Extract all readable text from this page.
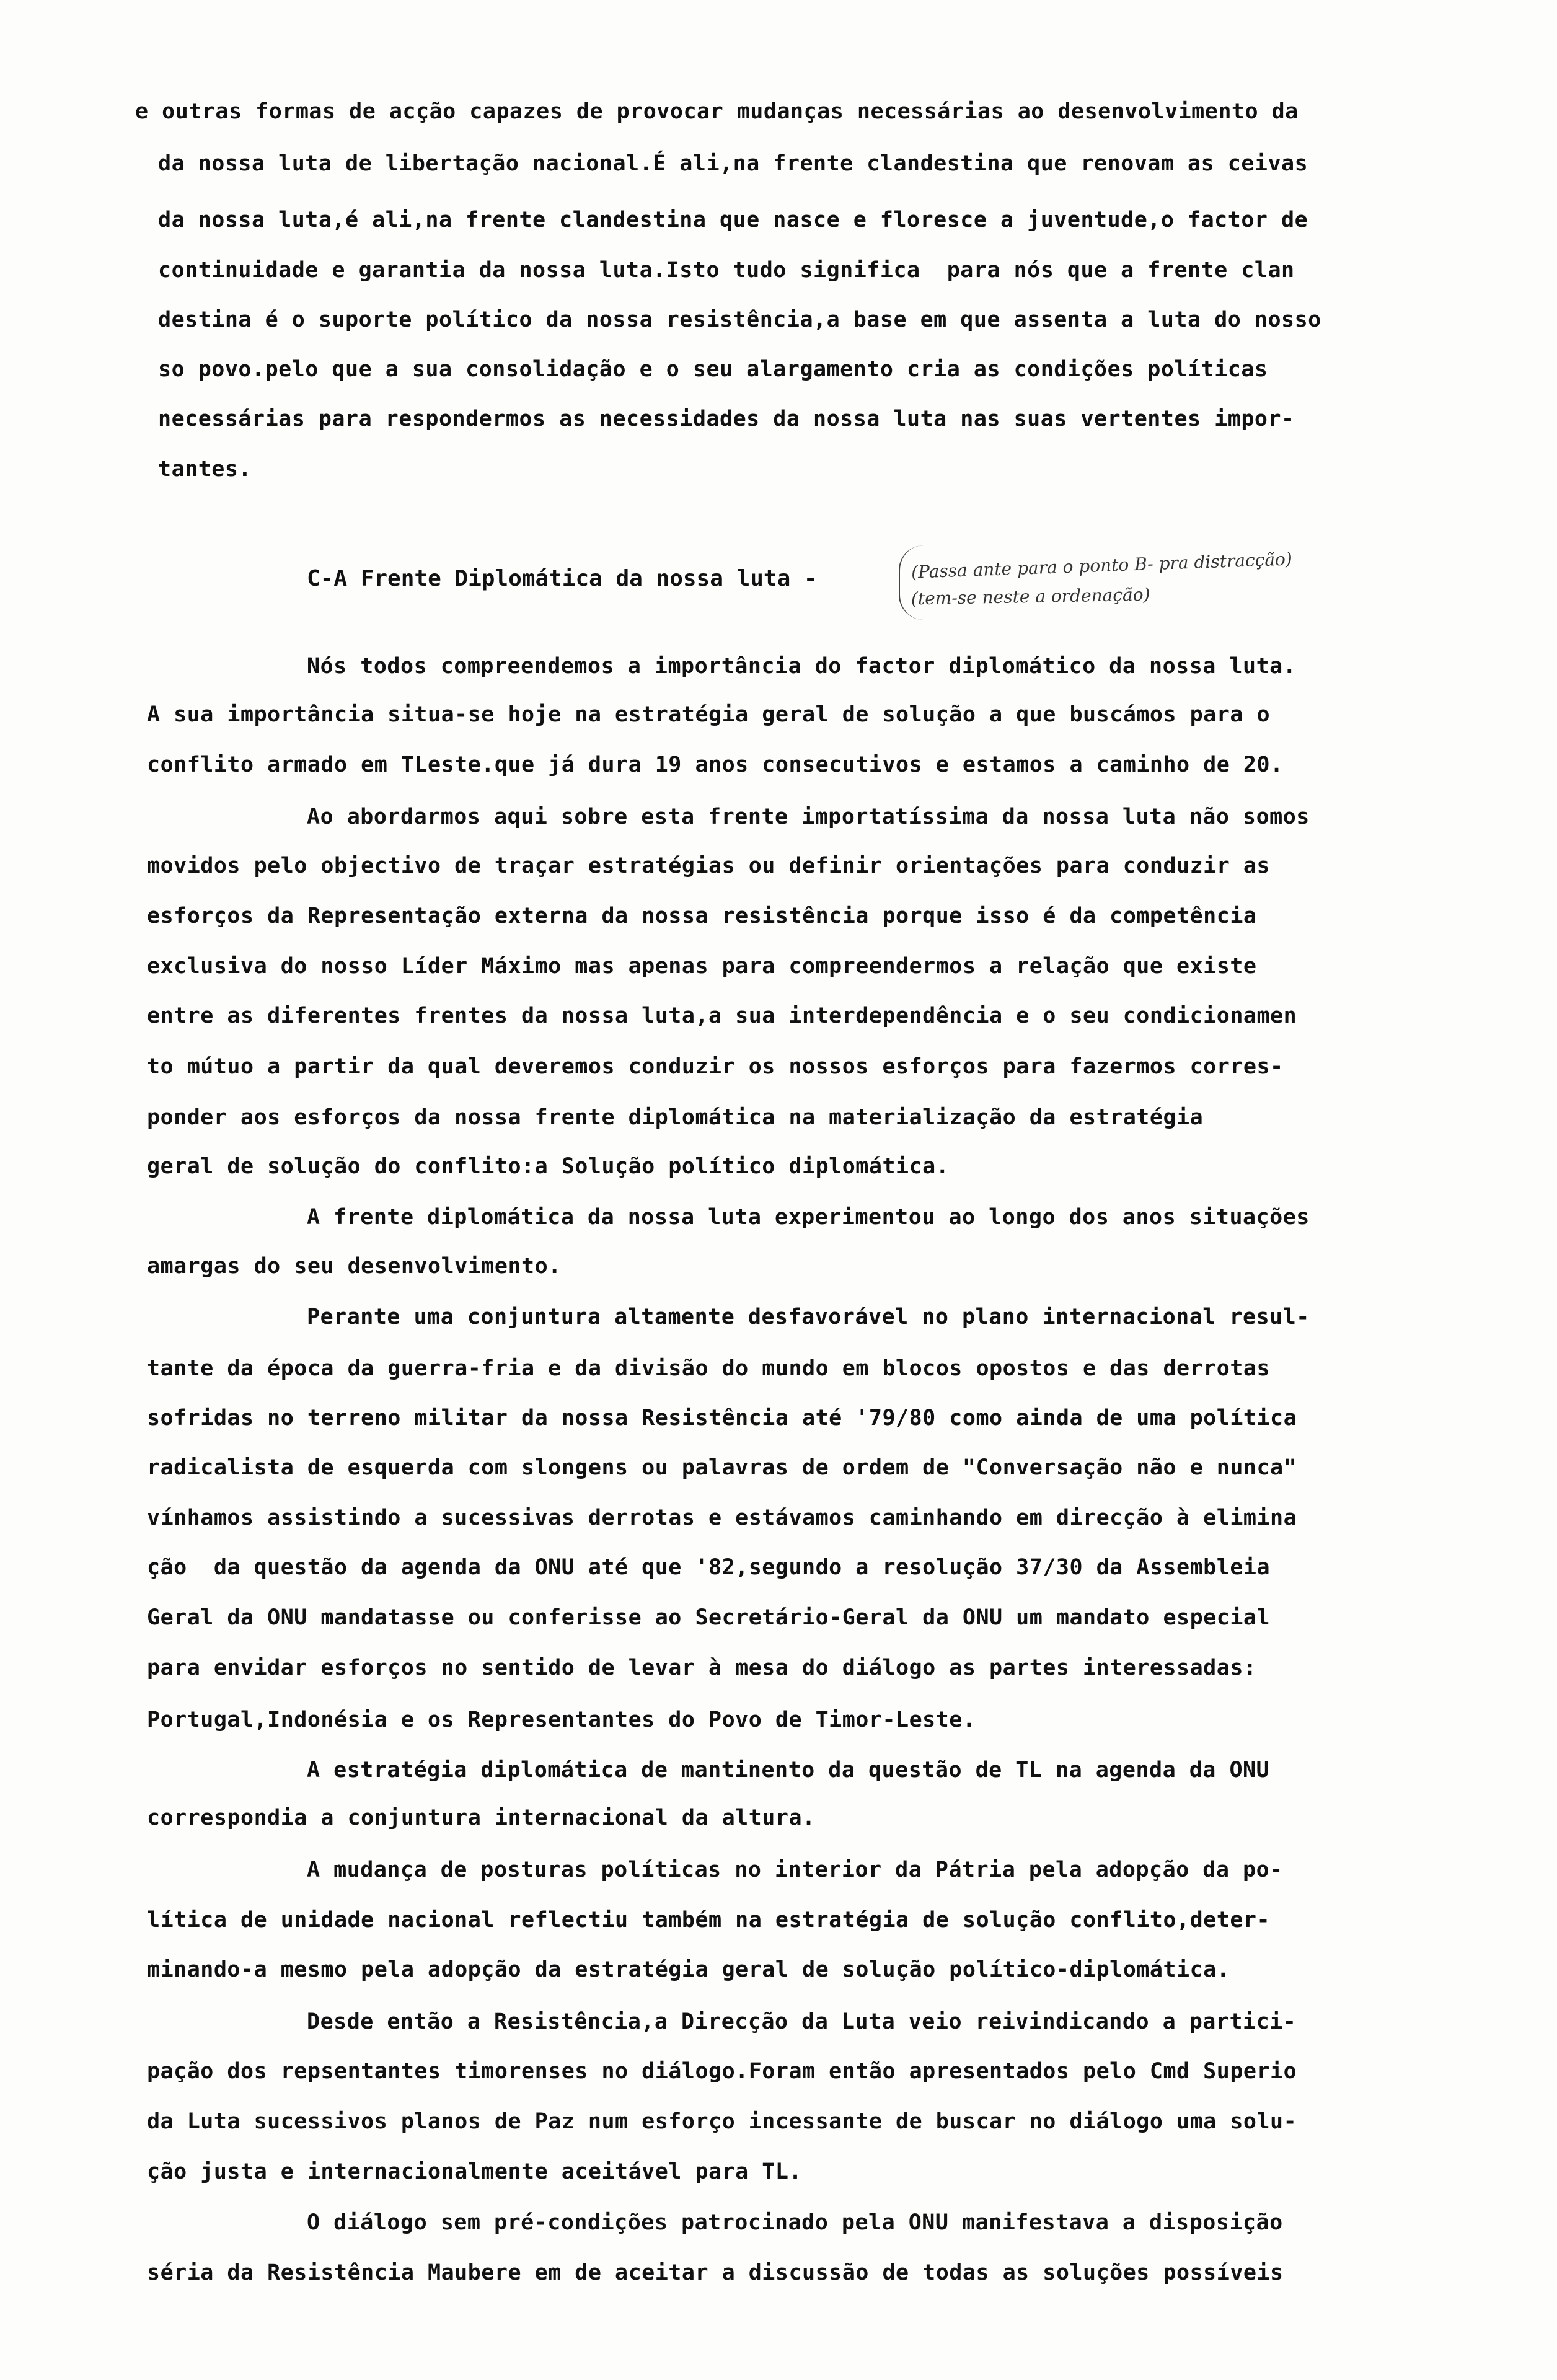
e outras formas de acção capazes de provocar mudanças necessárias ao desenvolvimento da
da nossa luta de libertação nacional.É ali,na frente clandestina que renovam as ceivas
da nossa luta,é ali,na frente clandestina que nasce e floresce a juventude,o factor de
continuidade e garantia da nossa luta.Isto tudo significa  para nós que a frente clan
destina é o suporte político da nossa resistência,a base em que assenta a luta do nosso
so povo.pelo que a sua consolidação e o seu alargamento cria as condições políticas
necessárias para respondermos as necessidades da nossa luta nas suas vertentes impor-
tantes.
C-A Frente Diplomática da nossa luta -	(Passa ante para o ponto B- pra distracção)
(tem-se neste a ordenação)
Nós todos compreendemos a importância do factor diplomático da nossa luta.
A sua importância situa-se hoje na estratégia geral de solução a que buscámos para o
conflito armado em TLeste.que já dura 19 anos consecutivos e estamos a caminho de 20.
Ao abordarmos aqui sobre esta frente importatíssima da nossa luta não somos
movidos pelo objectivo de traçar estratégias ou definir orientações para conduzir as
esforços da Representação externa da nossa resistência porque isso é da competência
exclusiva do nosso Líder Máximo mas apenas para compreendermos a relação que existe
entre as diferentes frentes da nossa luta,a sua interdependência e o seu condicionamen
to mútuo a partir da qual deveremos conduzir os nossos esforços para fazermos corres-
ponder aos esforços da nossa frente diplomática na materialização da estratégia
geral de solução do conflito:a Solução político diplomática.
A frente diplomática da nossa luta experimentou ao longo dos anos situações
amargas do seu desenvolvimento.
Perante uma conjuntura altamente desfavorável no plano internacional resul-
tante da época da guerra-fria e da divisão do mundo em blocos opostos e das derrotas
sofridas no terreno militar da nossa Resistência até '79/80 como ainda de uma política
radicalista de esquerda com slongens ou palavras de ordem de "Conversação não e nunca"
vínhamos assistindo a sucessivas derrotas e estávamos caminhando em direcção à elimina
ção  da questão da agenda da ONU até que '82,segundo a resolução 37/30 da Assembleia
Geral da ONU mandatasse ou conferisse ao Secretário-Geral da ONU um mandato especial
para envidar esforços no sentido de levar à mesa do diálogo as partes interessadas:
Portugal,Indonésia e os Representantes do Povo de Timor-Leste.
A estratégia diplomática de mantinento da questão de TL na agenda da ONU
correspondia a conjuntura internacional da altura.
A mudança de posturas políticas no interior da Pátria pela adopção da po-
lítica de unidade nacional reflectiu também na estratégia de solução conflito,deter-
minando-a mesmo pela adopção da estratégia geral de solução político-diplomática.
Desde então a Resistência,a Direcção da Luta veio reivindicando a partici-
pação dos repsentantes timorenses no diálogo.Foram então apresentados pelo Cmd Superio
da Luta sucessivos planos de Paz num esforço incessante de buscar no diálogo uma solu-
ção justa e internacionalmente aceitável para TL.
O diálogo sem pré-condições patrocinado pela ONU manifestava a disposição
séria da Resistência Maubere em de aceitar a discussão de todas as soluções possíveis
